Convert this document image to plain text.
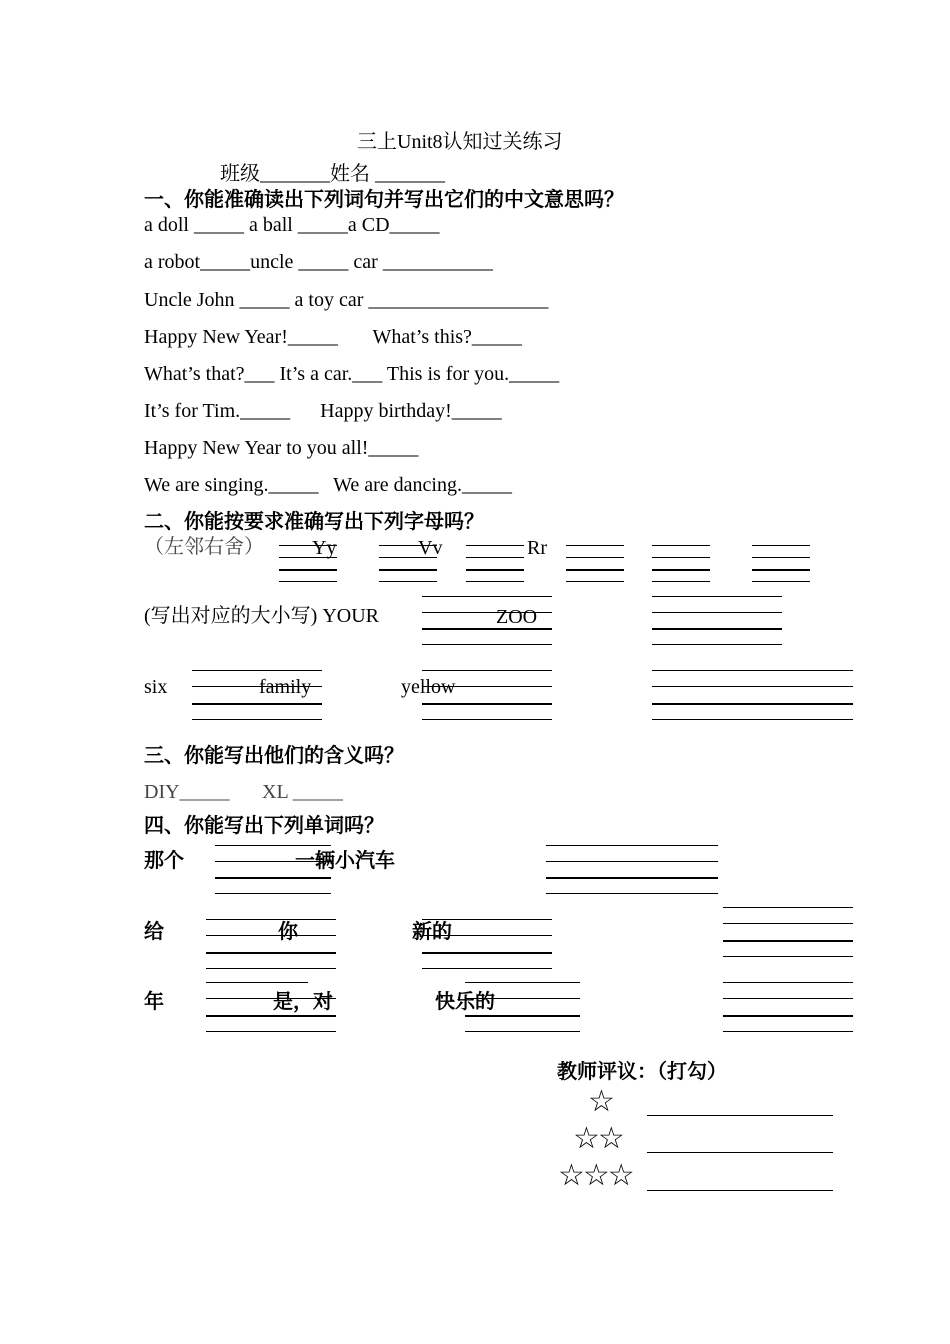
三上Unit8认知过关练习
班级_______姓名 _______
一、你能准确读出下列词句并写出它们的中文意思吗？
a doll _____ a ball _____a CD_____
a robot_____uncle _____ car ___________
Uncle John _____ a toy car __________________
Happy New Year!_____       What’s this?_____
What’s that?___ It’s a car.___ This is for you._____
It’s for Tim._____      Happy birthday!_____
Happy New Year to you all!_____
We are singing._____   We are dancing._____
二、你能按要求准确写出下列字母吗？
（左邻右舍） Yy	Vv	Rr
(写出对应的大小写) YOUR	ZOO
six	family	yellow
三、你能写出他们的含义吗？
DIY_____ XL _____
四、你能写出下列单词吗？
那个	一辆小汽车
给	你	新的
年	是，对	快乐的
教师评议：（打勾）
☆
☆☆
☆☆☆
